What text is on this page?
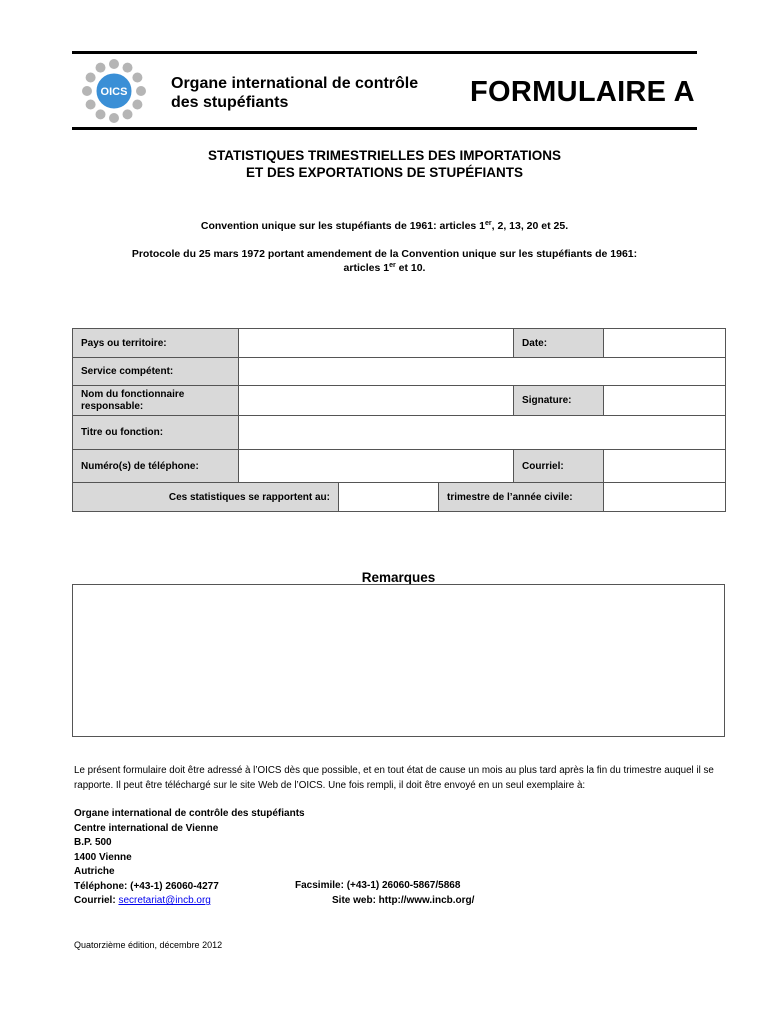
OICS	Organe international de contrôle
des stupéfiants	FORMULAIRE A
STATISTIQUES TRIMESTRIELLES DES IMPORTATIONS
ET DES EXPORTATIONS DE STUPÉFIANTS
Convention unique sur les stupéfiants de 1961: articles 1er, 2, 13, 20 et 25.
Protocole du 25 mars 1972 portant amendement de la Convention unique sur les stupéfiants de 1961:
articles 1er et 10.
Pays ou territoire:				Date:	
Service compétent:					
Nom du fonctionnaire responsable:				Signature:	
Titre ou fonction:					
Numéro(s) de téléphone:				Courriel:	
Ces statistiques se rapportent au:			trimestre de l’année civile:		
Remarques
Le présent formulaire doit être adressé à l’OICS dès que possible, et en tout état de cause un mois au plus tard après la fin du trimestre auquel il se rapporte. Il peut être téléchargé sur le site Web de l’OICS. Une fois rempli, il doit être envoyé en un seul exemplaire à:
Organe international de contrôle des stupéfiants
Centre international de Vienne
B.P. 500
1400 Vienne
Autriche
Téléphone: (+43-1) 26060-4277
Courriel: secretariat@incb.org
Facsimile: (+43-1) 26060-5867/5868
Site web: http://www.incb.org/
Quatorzième édition, décembre 2012
